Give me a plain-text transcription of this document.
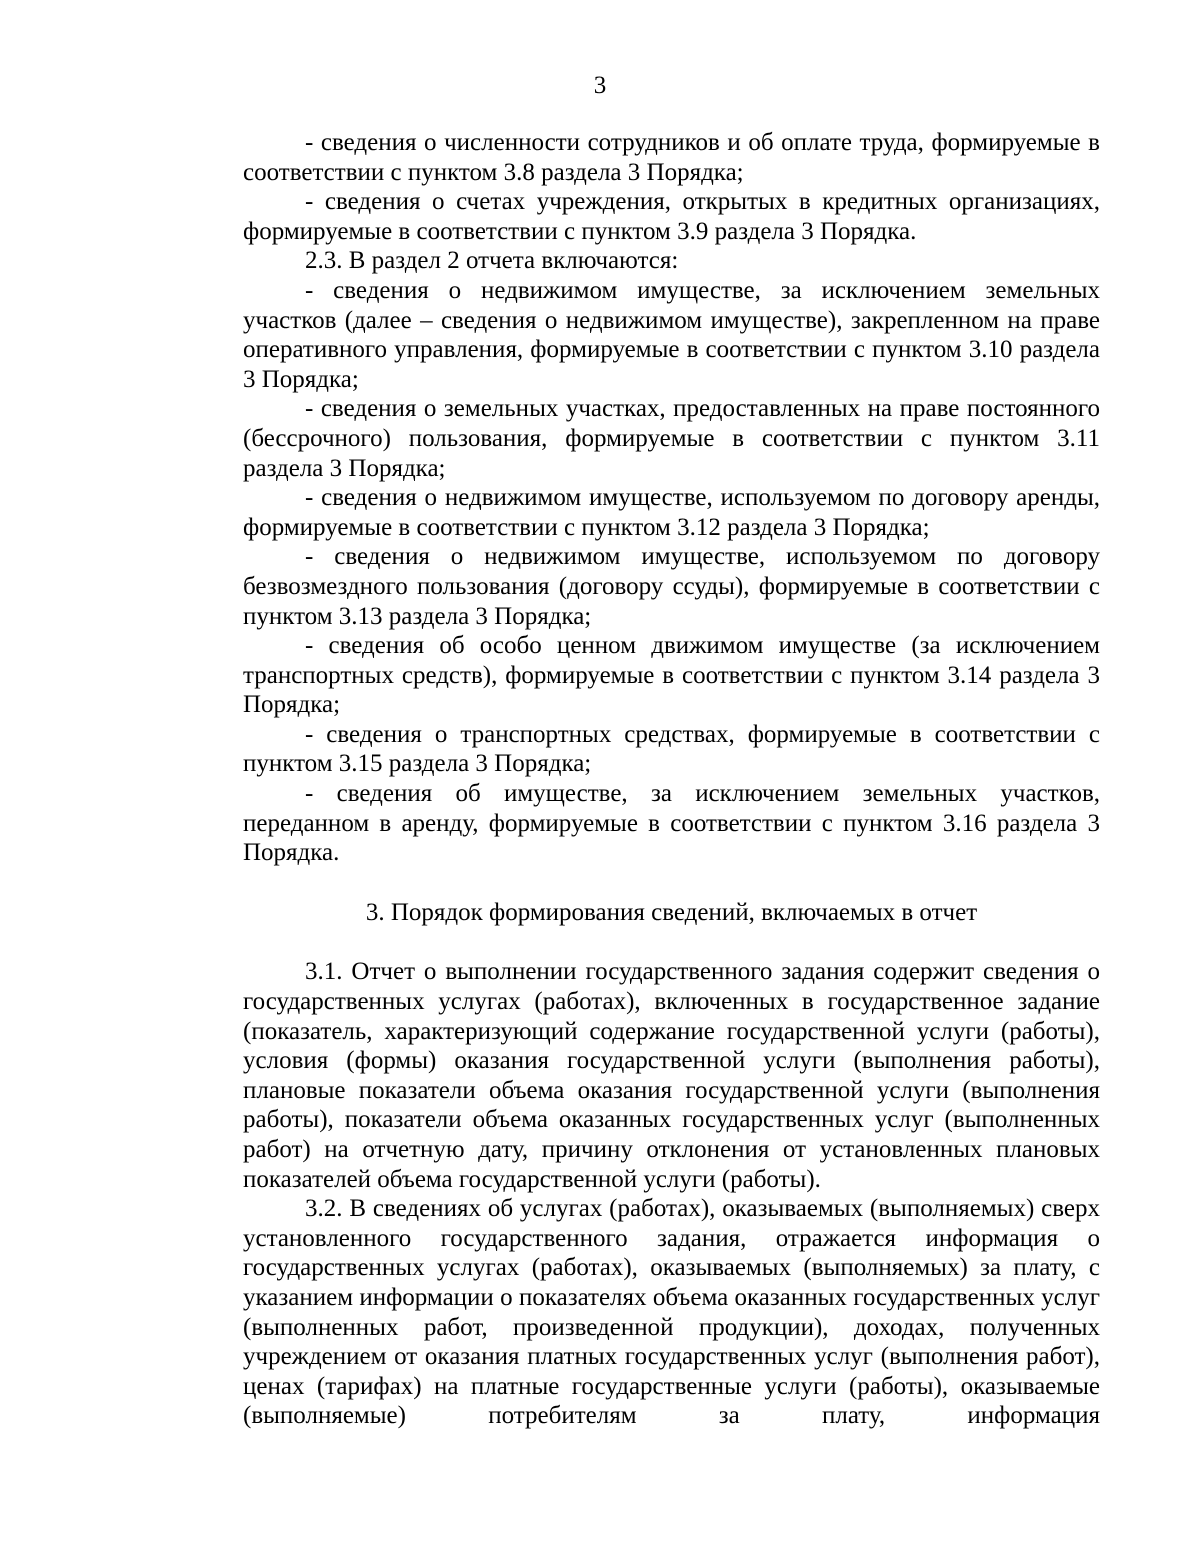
3

- сведения о численности сотрудников и об оплате труда, формируемые в соответствии с пунктом 3.8 раздела 3 Порядка;

- сведения о счетах учреждения, открытых в кредитных организациях, формируемые в соответствии с пунктом 3.9 раздела 3 Порядка.

2.3. В раздел 2 отчета включаются:

- сведения о недвижимом имуществе, за исключением земельных участков (далее – сведения о недвижимом имуществе), закрепленном на праве оперативного управления, формируемые в соответствии с пунктом 3.10 раздела 3 Порядка;

- сведения о земельных участках, предоставленных на праве постоянного (бессрочного) пользования, формируемые в соответствии с пунктом 3.11 раздела 3 Порядка;

- сведения о недвижимом имуществе, используемом по договору аренды, формируемые в соответствии с пунктом 3.12 раздела 3 Порядка;

- сведения о недвижимом имуществе, используемом по договору безвозмездного пользования (договору ссуды), формируемые в соответствии с пунктом 3.13 раздела 3 Порядка;

- сведения об особо ценном движимом имуществе (за исключением транспортных средств), формируемые в соответствии с пунктом 3.14 раздела 3 Порядка;

- сведения о транспортных средствах, формируемые в соответствии с пунктом 3.15 раздела 3 Порядка;

- сведения об имуществе, за исключением земельных участков, переданном в аренду, формируемые в соответствии с пунктом 3.16 раздела 3 Порядка.

3. Порядок формирования сведений, включаемых в отчет

3.1. Отчет о выполнении государственного задания содержит сведения о государственных услугах (работах), включенных в государственное задание (показатель, характеризующий содержание государственной услуги (работы), условия (формы) оказания государственной услуги (выполнения работы), плановые показатели объема оказания государственной услуги (выполнения работы), показатели объема оказанных государственных услуг (выполненных работ) на отчетную дату, причину отклонения от установленных плановых показателей объема государственной услуги (работы).

3.2. В сведениях об услугах (работах), оказываемых (выполняемых) сверх установленного государственного задания, отражается информация о государственных услугах (работах), оказываемых (выполняемых) за плату, с указанием информации о показателях объема оказанных государственных услуг (выполненных работ, произведенной продукции), доходах, полученных учреждением от оказания платных государственных услуг (выполнения работ), ценах (тарифах) на платные государственные услуги (работы), оказываемые (выполняемые) потребителям за плату, информация
